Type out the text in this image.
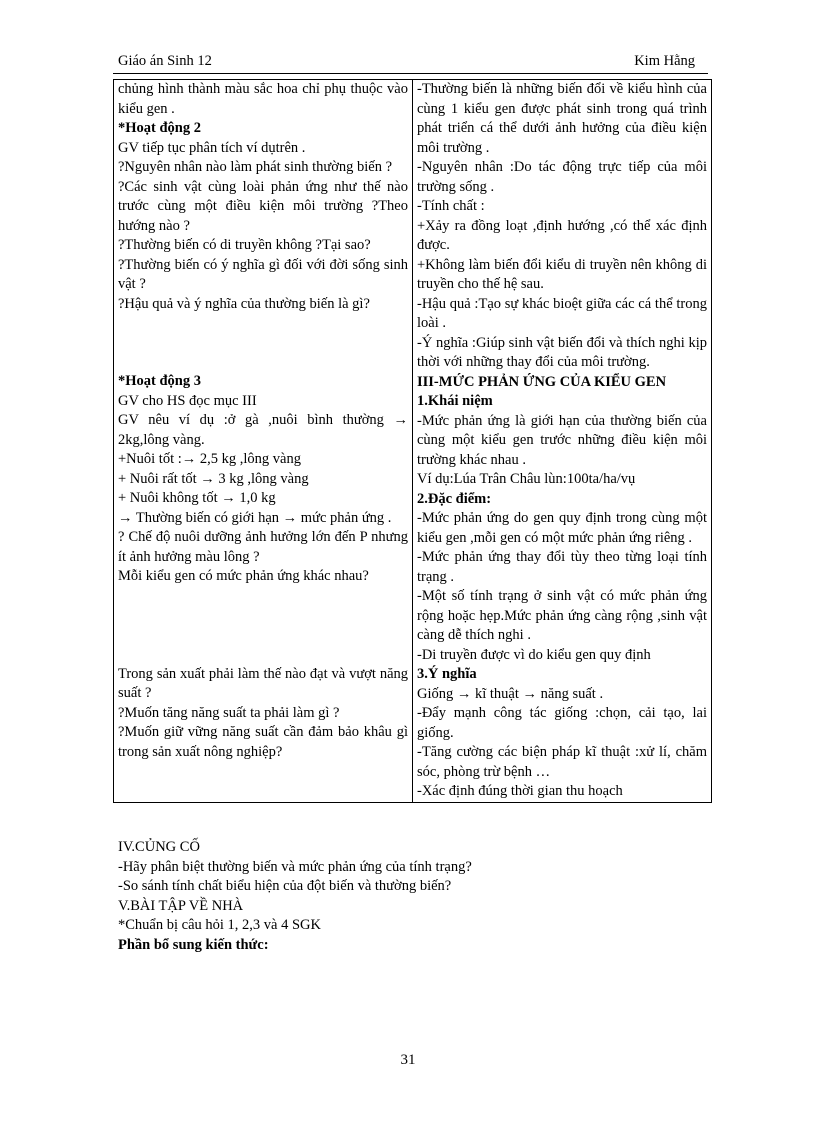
Giáo án Sinh 12	Kim Hằng

chủng hình thành màu sắc hoa chỉ phụ thuộc vào kiểu gen .

*Hoạt động 2

GV tiếp tục phân tích ví dụtrên .

?Nguyên nhân nào làm phát sinh thường biến ?

?Các sinh vật cùng loài phản ứng như thế nào trước cùng một điều kiện môi trường ?Theo hướng nào ?

?Thường biến có di truyền không ?Tại sao?

?Thường biến có ý nghĩa gì đối với đời sống sinh vật ?

?Hậu quả và ý nghĩa của thường biến là gì?

*Hoạt động 3

GV cho HS đọc mục III

GV nêu ví dụ :ở gà ,nuôi bình thường → 2kg,lông vàng.

+Nuôi tốt :→ 2,5 kg ,lông vàng

+ Nuôi rất tốt → 3 kg ,lông vàng

+ Nuôi không tốt → 1,0 kg

→ Thường biến có giới hạn → mức phản ứng .

? Chế độ nuôi dưỡng ảnh hưởng lớn đến P nhưng ít ảnh hưởng màu lông ?

Mỗi kiểu gen có mức phản ứng khác nhau?

Trong sản xuất phải làm thế nào đạt và vượt năng suất ?

?Muốn tăng năng suất ta phải làm gì ?

?Muốn giữ vững năng suất cần đảm bảo khâu gì trong sản xuất nông nghiệp?

-Thường biến là những biến đổi về kiểu hình của cùng 1 kiểu gen được phát sinh trong quá trình phát triển cá thể dưới ảnh hưởng của điều kiện môi trường .

-Nguyên nhân :Do tác động trực tiếp của môi trường sống .

-Tính chất :

+Xảy ra đồng loạt ,định hướng ,có thể xác định được.

+Không làm biến đổi kiểu di truyền nên không di truyền cho thế hệ sau.

-Hậu quả :Tạo sự khác bioệt giữa các cá thể trong loài .

-Ý nghĩa :Giúp sinh vật biến đổi và thích nghi kịp thời với những thay đổi của môi trường.

III-MỨC PHẢN ỨNG CỦA KIỂU GEN

1.Khái niệm

-Mức phản ứng là giới hạn của thường biến của cùng một kiểu gen trước những điều kiện môi trường khác nhau .

Ví dụ:Lúa Trân Châu lùn:100ta/ha/vụ

2.Đặc điểm:

-Mức phản ứng do gen quy định trong cùng một kiểu gen ,mỗi gen có một mức phản ứng riêng .

-Mức phản ứng thay đổi tùy theo từng loại tính trạng .

-Một số tính trạng ở sinh vật có mức phản ứng rộng hoặc hẹp.Mức phản ứng càng rộng ,sinh vật càng dễ thích nghi .

-Di truyền được vì do kiểu gen quy định

3.Ý nghĩa

Giống → kĩ thuật → năng suất .

-Đẩy mạnh công tác giống :chọn, cải tạo, lai giống.

-Tăng cường các biện pháp kĩ thuật :xử lí, chăm sóc, phòng trừ bệnh …

-Xác định đúng thời gian thu hoạch

IV.CỦNG CỐ

-Hãy phân biệt thường biến và mức phản ứng của tính trạng?

-So sánh tính chất biểu hiện của đột biến và thường biến?

V.BÀI TẬP VỀ NHÀ

*Chuẩn bị câu hỏi 1, 2,3 và 4 SGK

Phần bổ sung kiến thức:

31
